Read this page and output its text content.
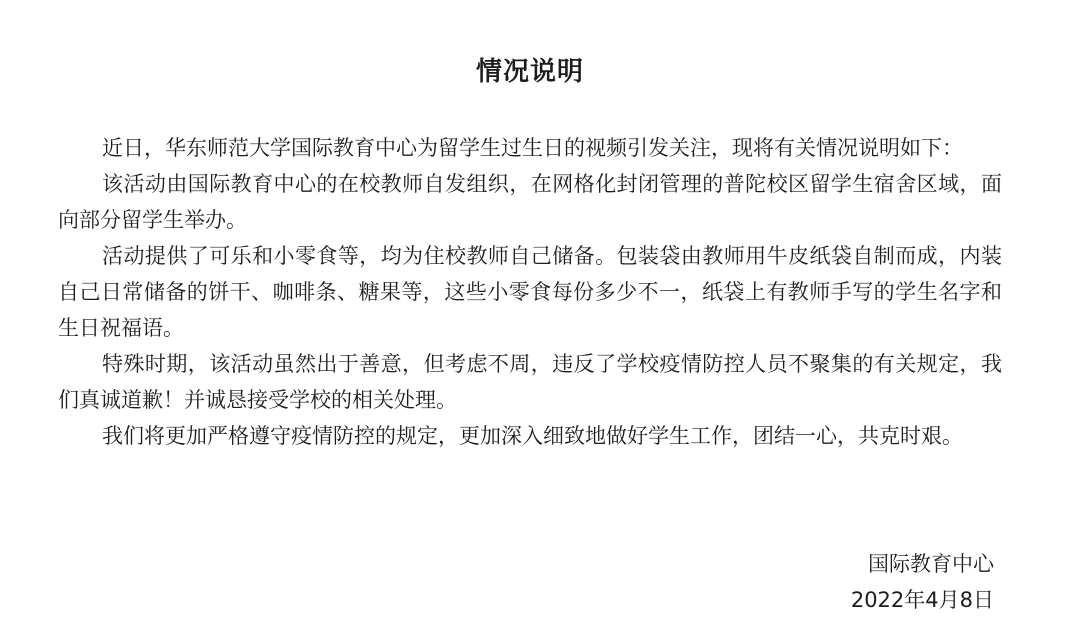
情况说明

近日，华东师范大学国际教育中心为留学生过生日的视频引发关注，现将有关情况说明如下：

该活动由国际教育中心的在校教师自发组织，在网格化封闭管理的普陀校区留学生宿舍区域，面向部分留学生举办。

活动提供了可乐和小零食等，均为住校教师自己储备。包装袋由教师用牛皮纸袋自制而成，内装自己日常储备的饼干、咖啡条、糖果等，这些小零食每份多少不一，纸袋上有教师手写的学生名字和生日祝福语。

特殊时期，该活动虽然出于善意，但考虑不周，违反了学校疫情防控人员不聚集的有关规定，我们真诚道歉！并诚恳接受学校的相关处理。

我们将更加严格遵守疫情防控的规定，更加深入细致地做好学生工作，团结一心，共克时艰。

国际教育中心
2022年4月8日
